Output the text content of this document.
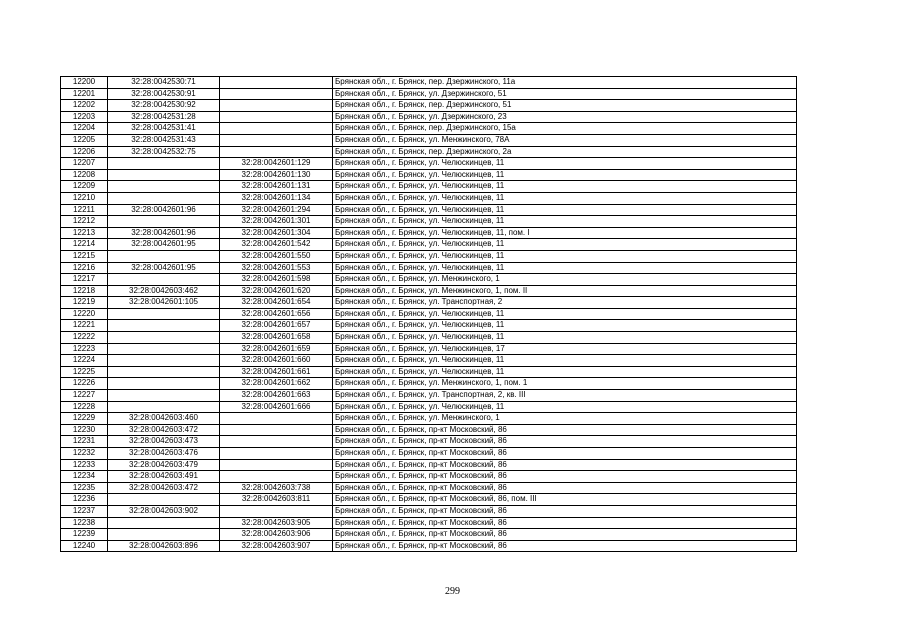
12200	32:28:0042530:71		Брянская обл., г. Брянск, пер. Дзержинского, 11а
12201	32:28:0042530:91		Брянская обл., г. Брянск, ул. Дзержинского, 51
12202	32:28:0042530:92		Брянская обл., г. Брянск, пер. Дзержинского, 51
12203	32:28:0042531:28		Брянская обл., г. Брянск, ул. Дзержинского, 23
12204	32:28:0042531:41		Брянская обл., г. Брянск, пер. Дзержинского, 15а
12205	32:28:0042531:43		Брянская обл., г. Брянск, ул. Менжинского, 78А
12206	32:28:0042532:75		Брянская обл., г. Брянск, пер. Дзержинского, 2а
12207		32:28:0042601:129	Брянская обл., г. Брянск, ул. Челюскинцев, 11
12208		32:28:0042601:130	Брянская обл., г. Брянск, ул. Челюскинцев, 11
12209		32:28:0042601:131	Брянская обл., г. Брянск, ул. Челюскинцев, 11
12210		32:28:0042601:134	Брянская обл., г. Брянск, ул. Челюскинцев, 11
12211	32:28:0042601:96	32:28:0042601:294	Брянская обл., г. Брянск, ул. Челюскинцев, 11
12212		32:28:0042601:301	Брянская обл., г. Брянск, ул. Челюскинцев, 11
12213	32:28:0042601:96	32:28:0042601:304	Брянская обл., г. Брянск, ул. Челюскинцев, 11, пом. I
12214	32:28:0042601:95	32:28:0042601:542	Брянская обл., г. Брянск, ул. Челюскинцев, 11
12215		32:28:0042601:550	Брянская обл., г. Брянск, ул. Челюскинцев, 11
12216	32:28:0042601:95	32:28:0042601:553	Брянская обл., г. Брянск, ул. Челюскинцев, 11
12217		32:28:0042601:598	Брянская обл., г. Брянск, ул. Менжинского, 1
12218	32:28:0042603:462	32:28:0042601:620	Брянская обл., г. Брянск, ул. Менжинского, 1, пом. II
12219	32:28:0042601:105	32:28:0042601:654	Брянская обл., г. Брянск, ул. Транспортная, 2
12220		32:28:0042601:656	Брянская обл., г. Брянск, ул. Челюскинцев, 11
12221		32:28:0042601:657	Брянская обл., г. Брянск, ул. Челюскинцев, 11
12222		32:28:0042601:658	Брянская обл., г. Брянск, ул. Челюскинцев, 11
12223		32:28:0042601:659	Брянская обл., г. Брянск, ул. Челюскинцев, 17
12224		32:28:0042601:660	Брянская обл., г. Брянск, ул. Челюскинцев, 11
12225		32:28:0042601:661	Брянская обл., г. Брянск, ул. Челюскинцев, 11
12226		32:28:0042601:662	Брянская обл., г. Брянск, ул. Менжинского, 1, пом. 1
12227		32:28:0042601:663	Брянская обл., г. Брянск, ул. Транспортная, 2, кв. III
12228		32:28:0042601:666	Брянская обл., г. Брянск, ул. Челюскинцев, 11
12229	32:28:0042603:460		Брянская обл., г. Брянск, ул. Менжинского, 1
12230	32:28:0042603:472		Брянская обл., г. Брянск, пр-кт Московский, 86
12231	32:28:0042603:473		Брянская обл., г. Брянск, пр-кт Московский, 86
12232	32:28:0042603:476		Брянская обл., г. Брянск, пр-кт Московский, 86
12233	32:28:0042603:479		Брянская обл., г. Брянск, пр-кт Московский, 86
12234	32:28:0042603:491		Брянская обл., г. Брянск, пр-кт Московский, 86
12235	32:28:0042603:472	32:28:0042603:738	Брянская обл., г. Брянск, пр-кт Московский, 86
12236		32:28:0042603:811	Брянская обл., г. Брянск, пр-кт Московский, 86, пом. III
12237	32:28:0042603:902		Брянская обл., г. Брянск, пр-кт Московский, 86
12238		32:28:0042603:905	Брянская обл., г. Брянск, пр-кт Московский, 86
12239		32:28:0042603:906	Брянская обл., г. Брянск, пр-кт Московский, 86
12240	32:28:0042603:896	32:28:0042603:907	Брянская обл., г. Брянск, пр-кт Московский, 86
299
